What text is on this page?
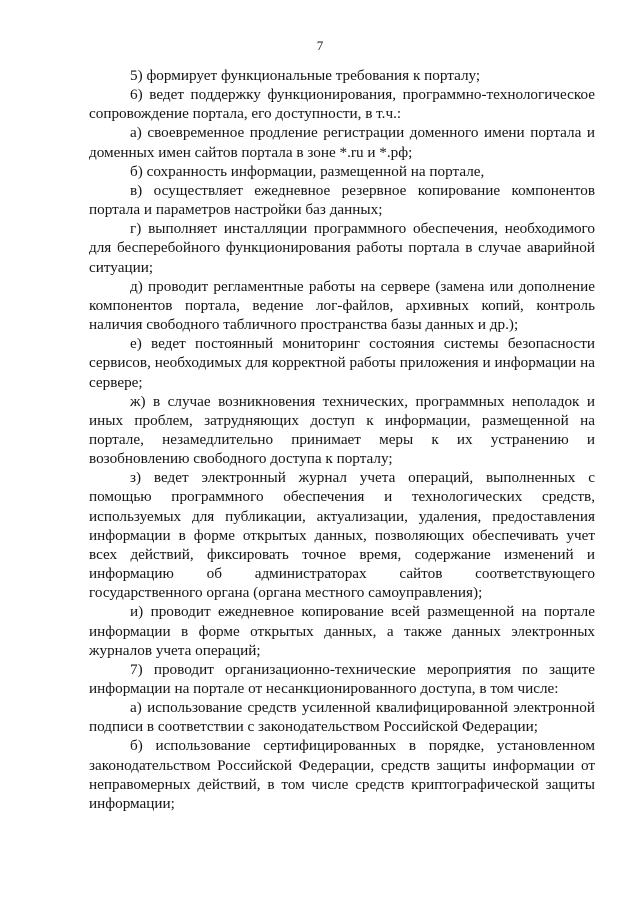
7

5) формирует функциональные требования к порталу;

6) ведет поддержку функционирования, программно-технологическое сопровождение портала, его доступности, в т.ч.:

а) своевременное продление регистрации доменного имени портала и доменных имен сайтов портала в зоне *.ru и *.рф;

б) сохранность информации, размещенной на портале,

в) осуществляет ежедневное резервное копирование компонентов портала и параметров настройки баз данных;

г) выполняет инсталляции программного обеспечения, необходимого для бесперебойного функционирования работы портала в случае аварийной ситуации;

д) проводит регламентные работы на сервере (замена или дополнение компонентов портала, ведение лог-файлов, архивных копий, контроль наличия свободного табличного пространства базы данных и др.);

е) ведет постоянный мониторинг состояния системы безопасности сервисов, необходимых для корректной работы приложения и информации на сервере;

ж) в случае возникновения технических, программных неполадок и иных проблем, затрудняющих доступ к информации, размещенной на портале, незамедлительно принимает меры к их устранению и возобновлению свободного доступа к порталу;

з) ведет электронный журнал учета операций, выполненных с помощью программного обеспечения и технологических средств, используемых для публикации, актуализации, удаления, предоставления информации в форме открытых данных, позволяющих обеспечивать учет всех действий, фиксировать точное время, содержание изменений и информацию об администраторах сайтов соответствующего государственного органа (органа местного самоуправления);

и) проводит ежедневное копирование всей размещенной на портале информации в форме открытых данных, а также данных электронных журналов учета операций;

7) проводит организационно-технические мероприятия по защите информации на портале от несанкционированного доступа, в том числе:

а) использование средств усиленной квалифицированной электронной подписи в соответствии с законодательством Российской Федерации;

б) использование сертифицированных в порядке, установленном законодательством Российской Федерации, средств защиты информации от неправомерных действий, в том числе средств криптографической защиты информации;
